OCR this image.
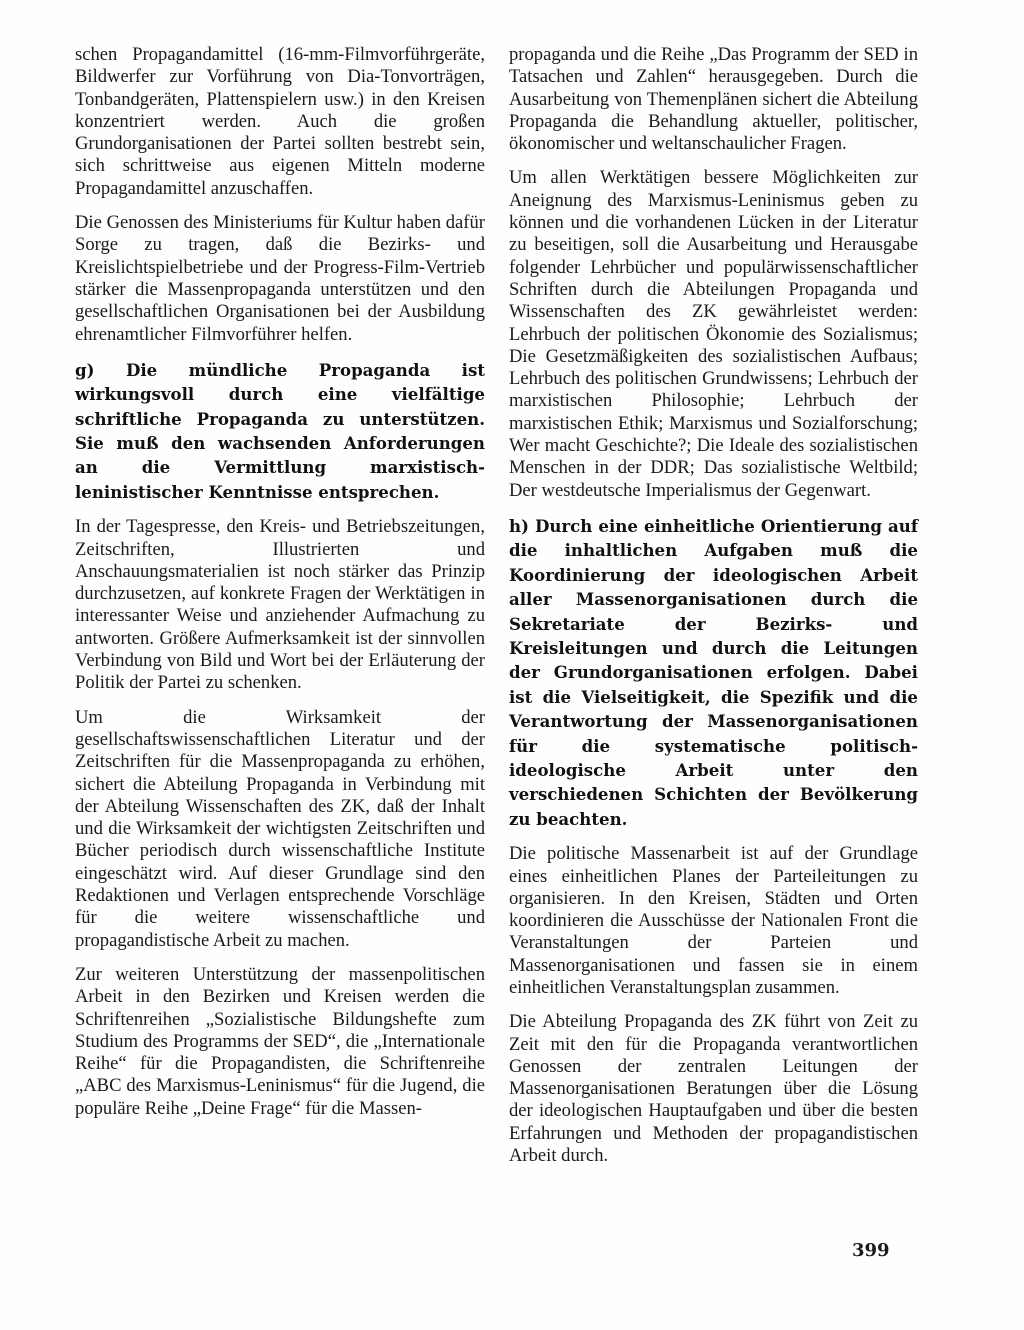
schen Propagandamittel (16-mm-Filmvorführgeräte, Bildwerfer zur Vorführung von Dia-Tonvorträgen, Tonbandgeräten, Plattenspielern usw.) in den Kreisen konzentriert werden. Auch die großen Grundorganisationen der Partei sollten bestrebt sein, sich schrittweise aus eigenen Mitteln moderne Propagandamittel anzuschaffen.

Die Genossen des Ministeriums für Kultur haben dafür Sorge zu tragen, daß die Bezirks- und Kreislichtspielbetriebe und der Progress-Film-Vertrieb stärker die Massenpropaganda unterstützen und den gesellschaftlichen Organisationen bei der Ausbildung ehrenamtlicher Filmvorführer helfen.

g) Die mündliche Propaganda ist wirkungsvoll durch eine vielfältige schriftliche Propaganda zu unterstützen. Sie muß den wachsenden Anforderungen an die Vermittlung marxistisch-leninistischer Kenntnisse entsprechen.

In der Tagespresse, den Kreis- und Betriebszeitungen, Zeitschriften, Illustrierten und Anschauungsmaterialien ist noch stärker das Prinzip durchzusetzen, auf konkrete Fragen der Werktätigen in interessanter Weise und anziehender Aufmachung zu antworten. Größere Aufmerksamkeit ist der sinnvollen Verbindung von Bild und Wort bei der Erläuterung der Politik der Partei zu schenken.

Um die Wirksamkeit der gesellschaftswissenschaftlichen Literatur und der Zeitschriften für die Massenpropaganda zu erhöhen, sichert die Abteilung Propaganda in Verbindung mit der Abteilung Wissenschaften des ZK, daß der Inhalt und die Wirksamkeit der wichtigsten Zeitschriften und Bücher periodisch durch wissenschaftliche Institute eingeschätzt wird. Auf dieser Grundlage sind den Redaktionen und Verlagen entsprechende Vorschläge für die weitere wissenschaftliche und propagandistische Arbeit zu machen.

Zur weiteren Unterstützung der massenpolitischen Arbeit in den Bezirken und Kreisen werden die Schriftenreihen „Sozialistische Bildungshefte zum Studium des Programms der SED“, die „Internationale Reihe“ für die Propagandisten, die Schriftenreihe „ABC des Marxismus-Leninismus“ für die Jugend, die populäre Reihe „Deine Frage“ für die Massen-

propaganda und die Reihe „Das Programm der SED in Tatsachen und Zahlen“ herausgegeben. Durch die Ausarbeitung von Themenplänen sichert die Abteilung Propaganda die Behandlung aktueller, politischer, ökonomischer und weltanschaulicher Fragen.

Um allen Werktätigen bessere Möglichkeiten zur Aneignung des Marxismus-Leninismus geben zu können und die vorhandenen Lücken in der Literatur zu beseitigen, soll die Ausarbeitung und Herausgabe folgender Lehrbücher und populärwissenschaftlicher Schriften durch die Abteilungen Propaganda und Wissenschaften des ZK gewährleistet werden: Lehrbuch der politischen Ökonomie des Sozialismus; Die Gesetzmäßigkeiten des sozialistischen Aufbaus; Lehrbuch des politischen Grundwissens; Lehrbuch der marxistischen Philosophie; Lehrbuch der marxistischen Ethik; Marxismus und Sozialforschung; Wer macht Geschichte?; Die Ideale des sozialistischen Menschen in der DDR; Das sozialistische Weltbild; Der westdeutsche Imperialismus der Gegenwart.

h) Durch eine einheitliche Orientierung auf die inhaltlichen Aufgaben muß die Koordinierung der ideologischen Arbeit aller Massenorganisationen durch die Sekretariate der Bezirks- und Kreisleitungen und durch die Leitungen der Grundorganisationen erfolgen. Dabei ist die Vielseitigkeit, die Spezifik und die Verantwortung der Massenorganisationen für die systematische politisch-ideologische Arbeit unter den verschiedenen Schichten der Bevölkerung zu beachten.

Die politische Massenarbeit ist auf der Grundlage eines einheitlichen Planes der Parteileitungen zu organisieren. In den Kreisen, Städten und Orten koordinieren die Ausschüsse der Nationalen Front die Veranstaltungen der Parteien und Massenorganisationen und fassen sie in einem einheitlichen Veranstaltungsplan zusammen.

Die Abteilung Propaganda des ZK führt von Zeit zu Zeit mit den für die Propaganda verantwortlichen Genossen der zentralen Leitungen der Massenorganisationen Beratungen über die Lösung der ideologischen Hauptaufgaben und über die besten Erfahrungen und Methoden der propagandistischen Arbeit durch.

399
